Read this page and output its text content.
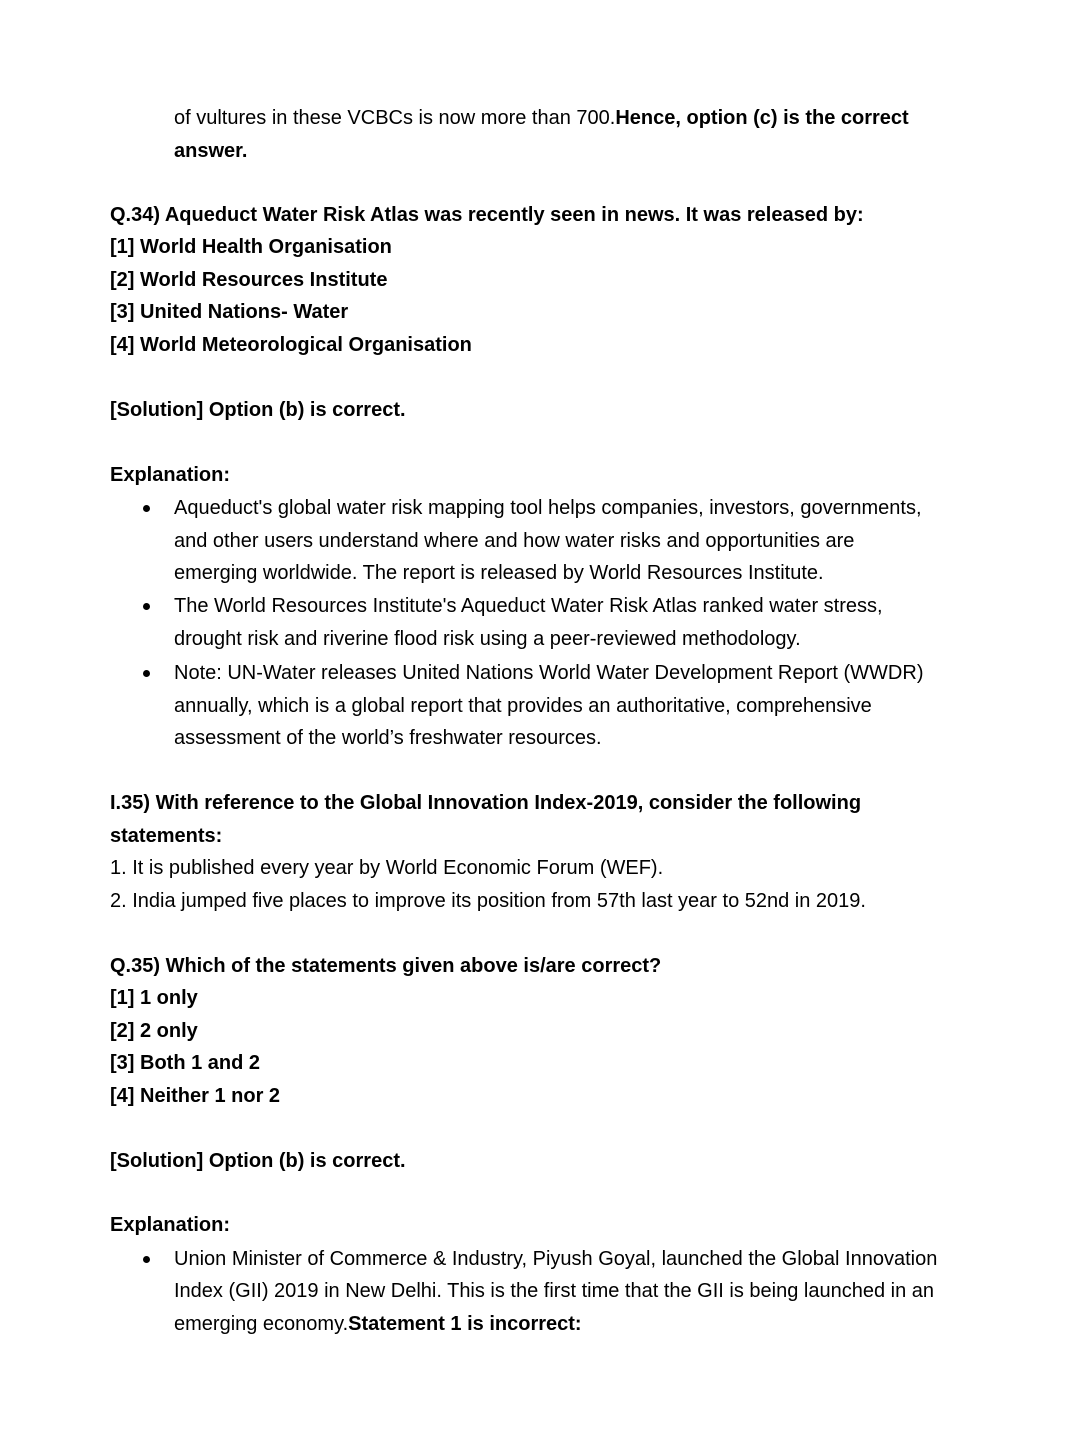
of vultures in these VCBCs is now more than 700.Hence, option (c) is the correct
answer.
Q.34) Aqueduct Water Risk Atlas was recently seen in news. It was released by:
[1] World Health Organisation
[2] World Resources Institute
[3] United Nations- Water
[4] World Meteorological Organisation
[Solution] Option (b) is correct.
Explanation:
Aqueduct's global water risk mapping tool helps companies, investors, governments,
and other users understand where and how water risks and opportunities are
emerging worldwide. The report is released by World Resources Institute.
The World Resources Institute's Aqueduct Water Risk Atlas ranked water stress,
drought risk and riverine flood risk using a peer-reviewed methodology.
Note: UN-Water releases United Nations World Water Development Report (WWDR)
annually, which is a global report that provides an authoritative, comprehensive
assessment of the world’s freshwater resources.
I.35) With reference to the Global Innovation Index-2019, consider the following
statements:
1. It is published every year by World Economic Forum (WEF).
2. India jumped five places to improve its position from 57th last year to 52nd in 2019.
Q.35) Which of the statements given above is/are correct?
[1] 1 only
[2] 2 only
[3] Both 1 and 2
[4] Neither 1 nor 2
[Solution] Option (b) is correct.
Explanation:
Union Minister of Commerce & Industry, Piyush Goyal, launched the Global Innovation
Index (GII) 2019 in New Delhi. This is the first time that the GII is being launched in an
emerging economy.Statement 1 is incorrect:
